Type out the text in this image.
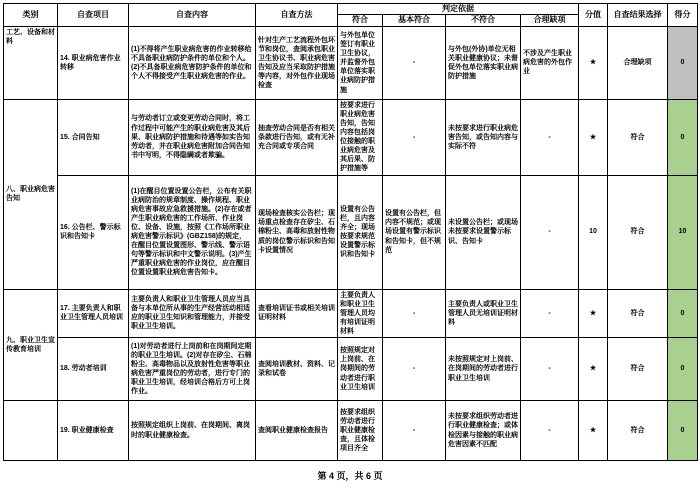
类别	自查项目	自查内容	自查方法	判定依据				分值	自查结果选择	得分
				符合	基本符合	不符合	合理缺项			
工艺、设备和材料	14. 职业病危害作业转移	(1)不得将产生职业病危害的作业转移给不具备职业病防护条件的单位和个人。(2)不具备职业病危害防护条件的单位和个人不得接受产生职业病危害的作业。	针对生产工艺流程外包环节和岗位，查阅承包职业卫生协议书、职业病危害告知及应当采取防护措施等内容，对外包作业现场检查	与外包单位签订有职业卫生协议，并监督外包单位落实职业病防护措施	-	与外包(外协)单位无相关职业健康协议；未督促外包单位落实职业病防护措施	不涉及产生职业病危害的外包作业	★	合理缺项	0
八、职业病危害告知	15. 合同告知	与劳动者订立或变更劳动合同时，将工作过程中可能产生的职业病危害及其后果、职业病防护措施和待遇等如实告知劳动者，并在职业病危害附加合同告知书中写明，不得隐瞒或者欺骗。	抽查劳动合同是否有相关条款进行告知，或有无补充合同或专项合同	按要求进行职业病危害告知，告知内容包括岗位接触的职业病危害及其后果、防护措施等	-	未按要求进行职业病危害告知，或告知内容与实际不符	-	★	符合	0
	16. 公告栏、警示标识和告知卡	(1)在醒目位置设置公告栏，公布有关职业病防治的规章制度、操作规程、职业病危害事故应急救援措施。(2)存在或者产生职业病危害的工作场所、作业岗位、设备、设施，按照《工作场所职业病危害警示标识》(GBZ158)的规定，在醒目位置设置图形、警示线、警示语句等警示标识和中文警示说明。(3)产生严重职业病危害的作业岗位，应在醒目位置设置职业病危害告知卡。	现场检查核实公告栏；现场重点检查存在矽尘、石棉粉尘、高毒和放射性物质的岗位警示标识和告知卡设置情况	设置有公告栏，且内容齐全；现场按要求规范设置警示标识和告知卡	设置有公告栏，但内容不规范；或现场设置有警示标识和告知卡，但不规范	未设置公告栏；或现场未按要求设置警示标识、告知卡	-	10	符合	10
九、职业卫生宣传教育培训	17. 主要负责人和职业卫生管理人员培训	主要负责人和职业卫生管理人员应当具备与本单位所从事的生产经营活动相适应的职业卫生知识和管理能力，并接受职业卫生培训。	查看培训证书或相关培训证明材料	主要负责人和职业卫生管理人员均有培训证明材料	-	主要负责人或职业卫生管理人员无培训证明材料	-	★	符合	0
	18. 劳动者培训	(1)对劳动者进行上岗前和在岗期间定期的职业卫生培训。(2)对存在矽尘、石棉粉尘、高毒物品以及放射性危害等职业病危害严重岗位的劳动者，进行专门的职业卫生培训，经培训合格后方可上岗作业。	查阅培训教材、资料、记录和试卷	按照规定对上岗前、在岗期间的劳动者进行职业卫生培训	-	未按照规定对上岗前、在岗期间的劳动者进行职业卫生培训	-	★	符合	0
	19. 职业健康检查	按照规定组织上岗前、在岗期间、离岗时的职业健康检查。	查阅职业健康检查报告	按要求组织劳动者进行职业健康检查，且体检项目齐全	-	未按要求组织劳动者进行职业健康检查；或体检因素与接触的职业病危害因素不匹配	-	★	符合	0
第 4 页，共 6 页
